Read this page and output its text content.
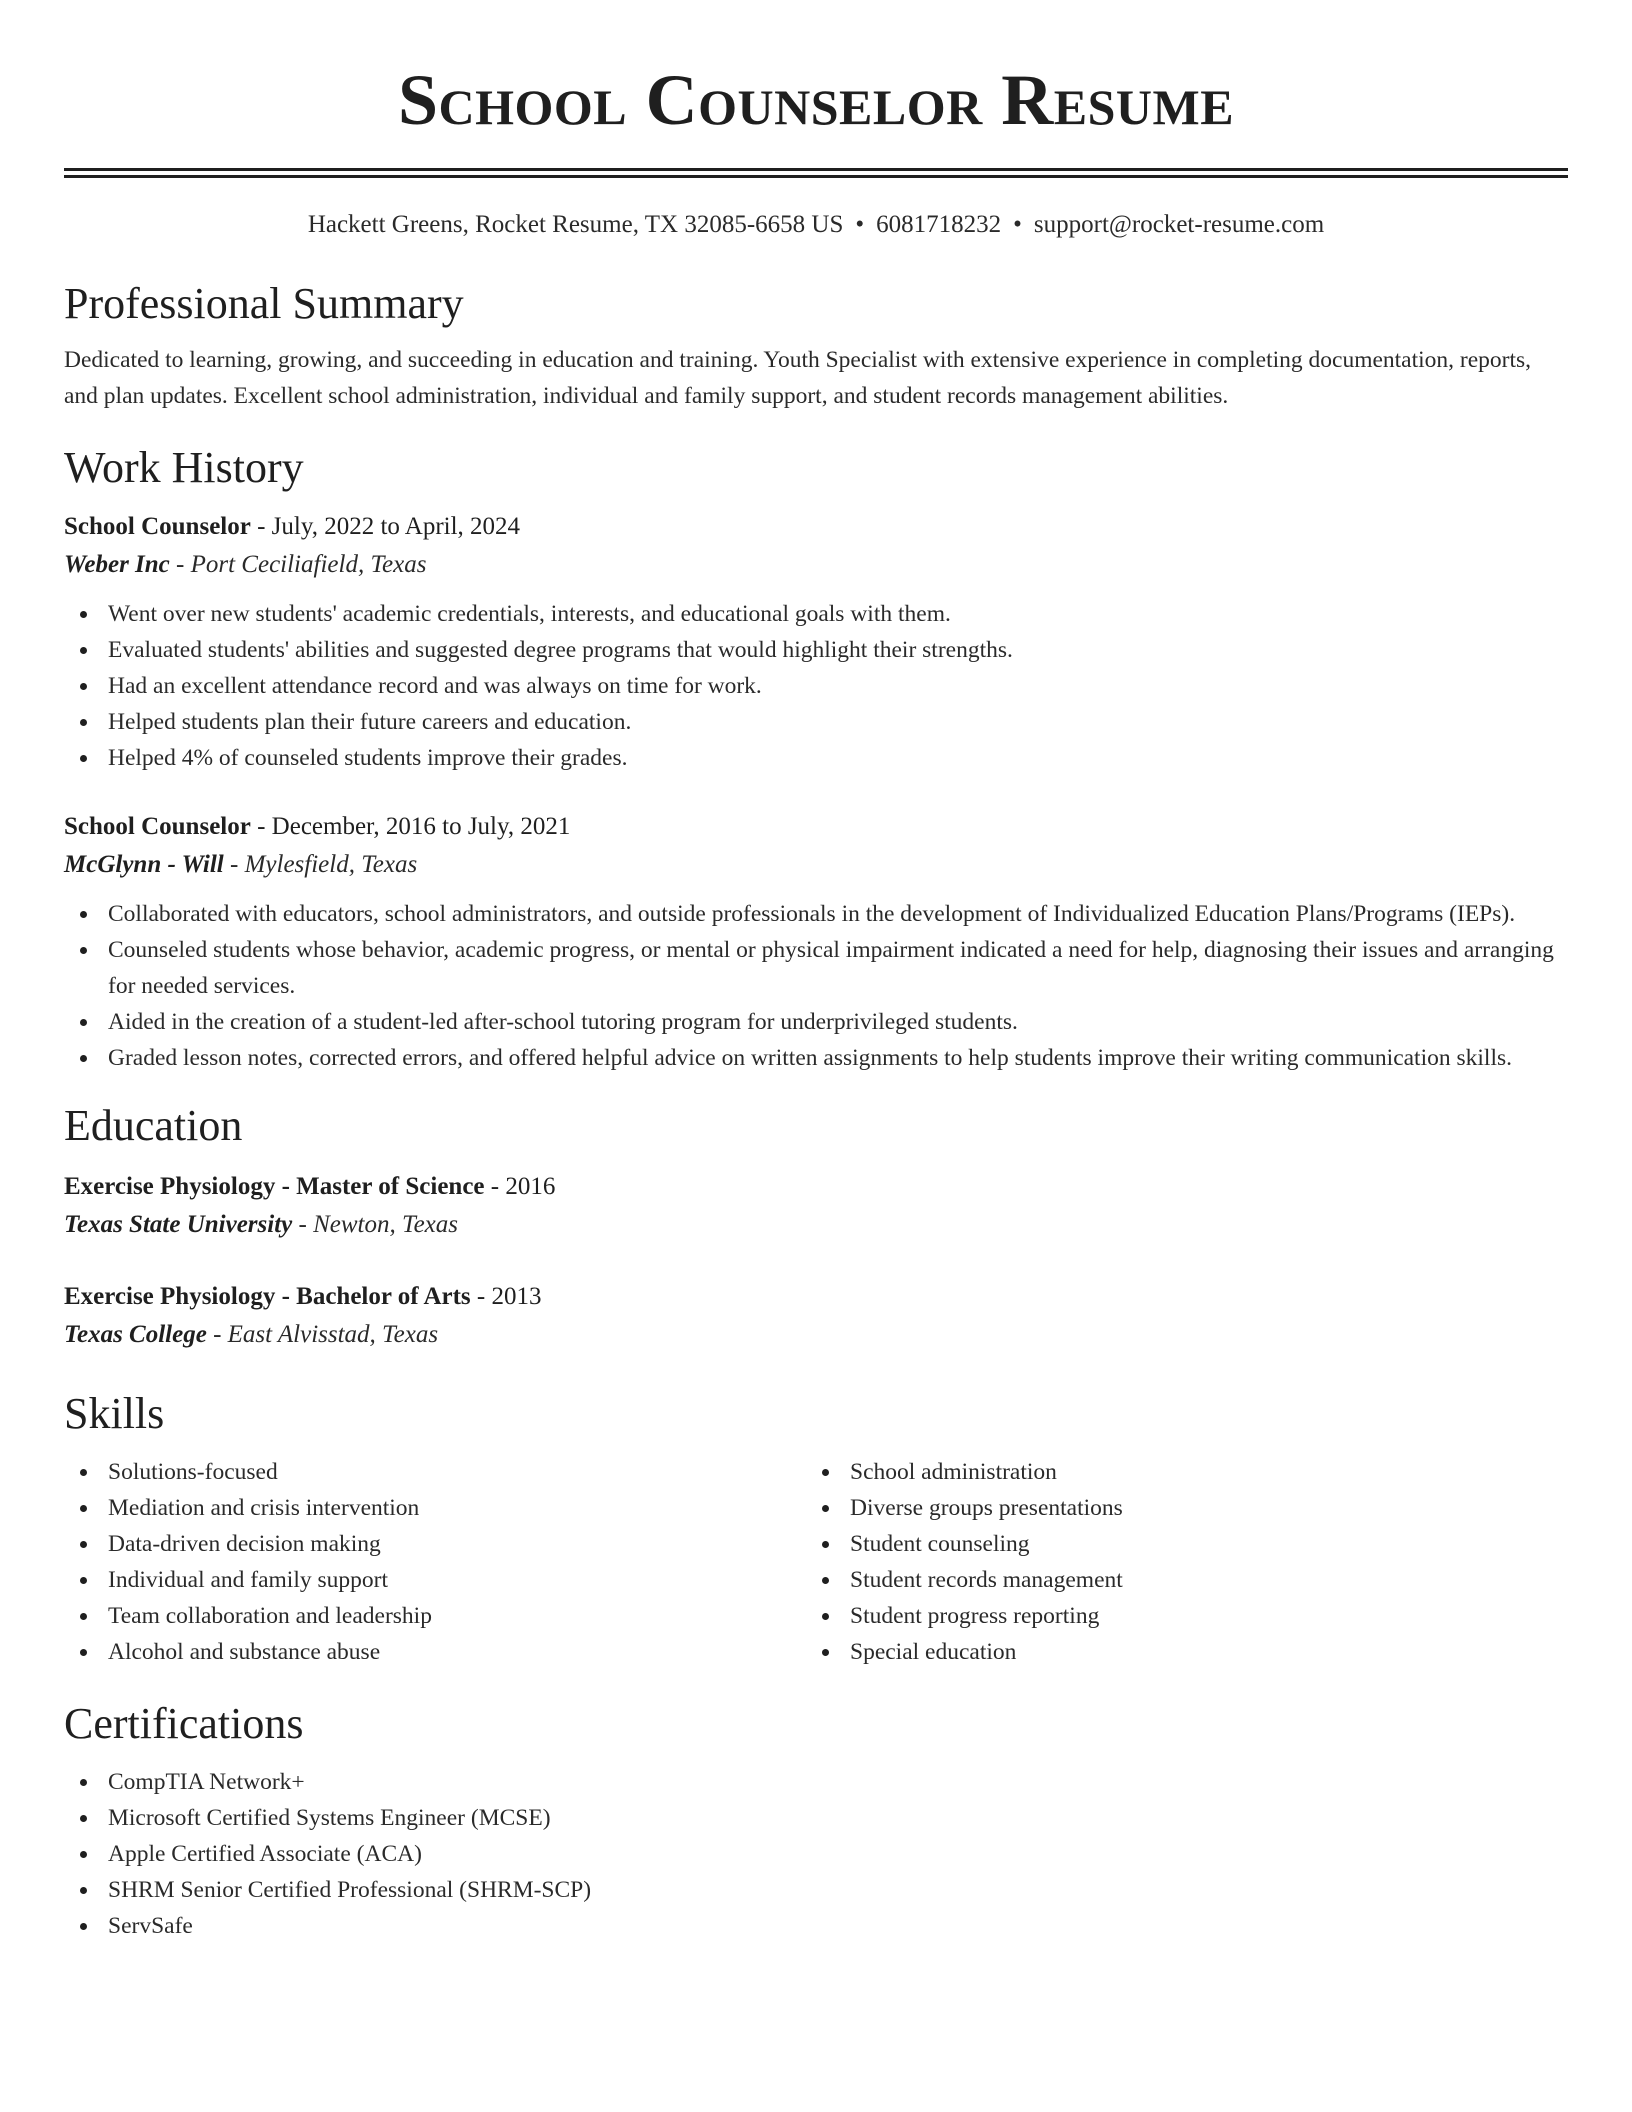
School Counselor Resume
Hackett Greens, Rocket Resume, TX 32085-6658 US • 6081718232 • support@rocket-resume.com
Professional Summary
Dedicated to learning, growing, and succeeding in education and training. Youth Specialist with extensive experience in completing documentation, reports, and plan updates. Excellent school administration, individual and family support, and student records management abilities.
Work History
School Counselor - July, 2022 to April, 2024
Weber Inc - Port Ceciliafield, Texas
Went over new students' academic credentials, interests, and educational goals with them.
Evaluated students' abilities and suggested degree programs that would highlight their strengths.
Had an excellent attendance record and was always on time for work.
Helped students plan their future careers and education.
Helped 4% of counseled students improve their grades.
School Counselor - December, 2016 to July, 2021
McGlynn - Will - Mylesfield, Texas
Collaborated with educators, school administrators, and outside professionals in the development of Individualized Education Plans/Programs (IEPs).
Counseled students whose behavior, academic progress, or mental or physical impairment indicated a need for help, diagnosing their issues and arranging for needed services.
Aided in the creation of a student-led after-school tutoring program for underprivileged students.
Graded lesson notes, corrected errors, and offered helpful advice on written assignments to help students improve their writing communication skills.
Education
Exercise Physiology - Master of Science - 2016
Texas State University - Newton, Texas
Exercise Physiology - Bachelor of Arts - 2013
Texas College - East Alvisstad, Texas
Skills
Solutions-focused
Mediation and crisis intervention
Data-driven decision making
Individual and family support
Team collaboration and leadership
Alcohol and substance abuse
School administration
Diverse groups presentations
Student counseling
Student records management
Student progress reporting
Special education
Certifications
CompTIA Network+
Microsoft Certified Systems Engineer (MCSE)
Apple Certified Associate (ACA)
SHRM Senior Certified Professional (SHRM-SCP)
ServSafe
